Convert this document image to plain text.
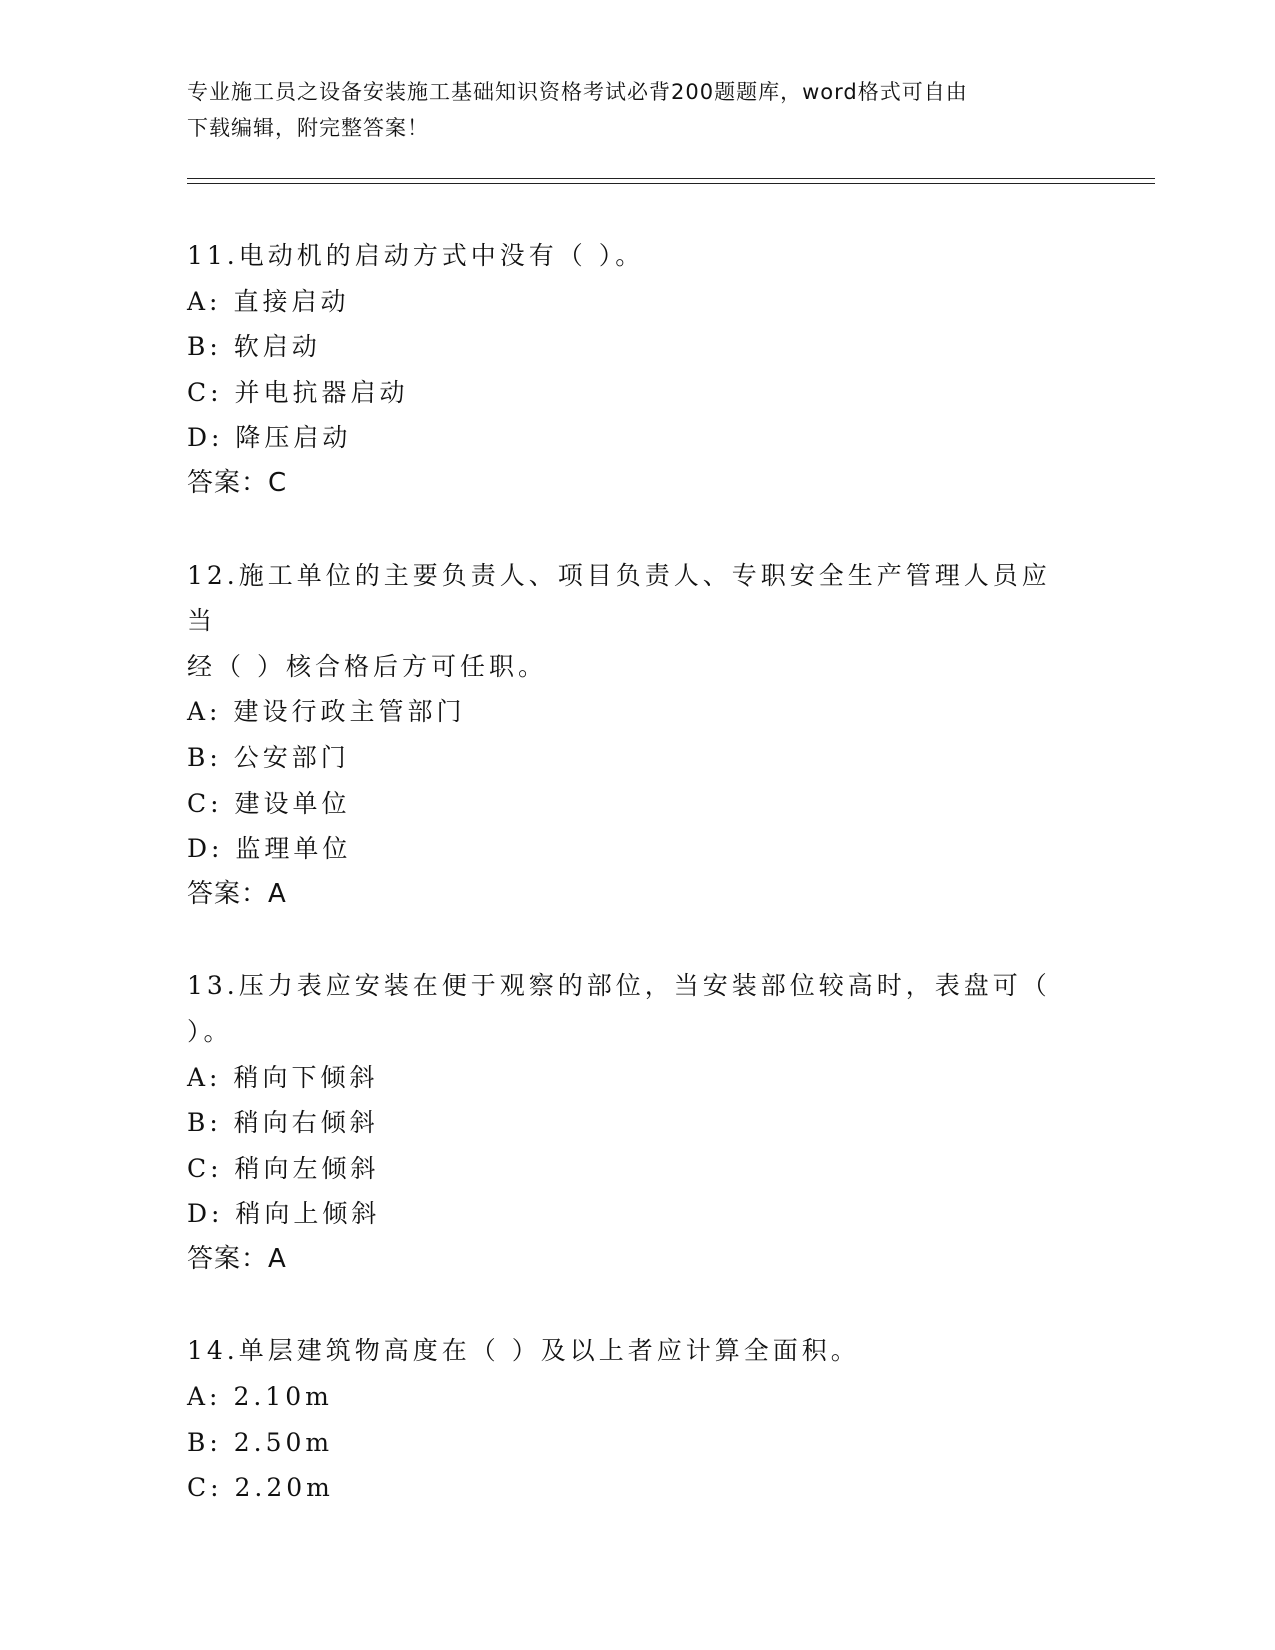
专业施工员之设备安装施工基础知识资格考试必背200题题库，word格式可自由
下载编辑，附完整答案！
11.电动机的启动方式中没有（ ）。
A: 直接启动
B: 软启动
C: 并电抗器启动
D: 降压启动
答案：C
12.施工单位的主要负责人、项目负责人、专职安全生产管理人员应当
经（ ）核合格后方可任职。
A: 建设行政主管部门
B: 公安部门
C: 建设单位
D: 监理单位
答案：A
13.压力表应安装在便于观察的部位，当安装部位较高时，表盘可（
）。
A: 稍向下倾斜
B: 稍向右倾斜
C: 稍向左倾斜
D: 稍向上倾斜
答案：A
14.单层建筑物高度在（ ）及以上者应计算全面积。
A: 2.10m
B: 2.50m
C: 2.20m
